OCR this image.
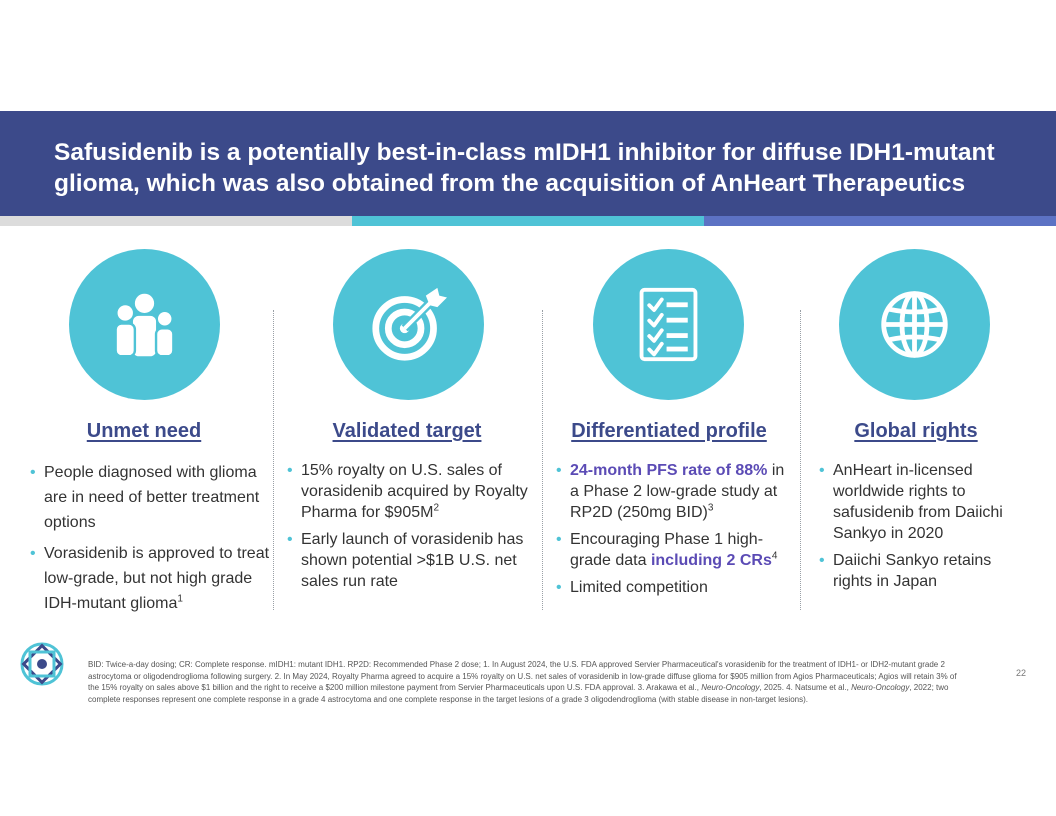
Safusidenib is a potentially best-in-class mIDH1 inhibitor for diffuse IDH1-mutant glioma, which was also obtained from the acquisition of AnHeart Therapeutics
Unmet need	Validated target	Differentiated profile	Global rights
• People diagnosed with glioma are in need of better treatment options
• Vorasidenib is approved to treat low-grade, but not high grade IDH-mutant glioma$^1$
• 15% royalty on U.S. sales of vorasidenib acquired by Royalty Pharma for $\$905M^2$
• Early launch of vorasidenib has shown potential >$1B U.S. net sales run rate
• 24-month PFS rate of 88% in a Phase 2 low-grade study at RP2D (250mg BID)$^3$
• Encouraging Phase 1 high-grade data including 2 CRs$^4$
• Limited competition
• AnHeart in-licensed worldwide rights to safusidenib from Daiichi Sankyo in 2020
• Daiichi Sankyo retains rights in Japan
BID: Twice-a-day dosing; CR: Complete response. mIDH1: mutant IDH1. RP2D: Recommended Phase 2 dose; 1. In August 2024, the U.S. FDA approved Servier Pharmaceutical's vorasidenib for the treatment of IDH1- or IDH2-mutant grade 2 astrocytoma or oligodendroglioma following surgery. 2. In May 2024, Royalty Pharma agreed to acquire a 15% royalty on U.S. net sales of vorasidenib in low-grade diffuse glioma for $905 million from Agios Pharmaceuticals; Agios will retain 3% of the 15% royalty on sales above $1 billion and the right to receive a $200 million milestone payment from Servier Pharmaceuticals upon U.S. FDA approval. 3. Arakawa et al., Neuro-Oncology, 2025. 4. Natsume et al., Neuro-Oncology, 2022; two complete responses represent one complete response in a grade 4 astrocytoma and one complete response in the target lesions of a grade 3 oligodendroglioma (with stable disease in non-target lesions).
22
